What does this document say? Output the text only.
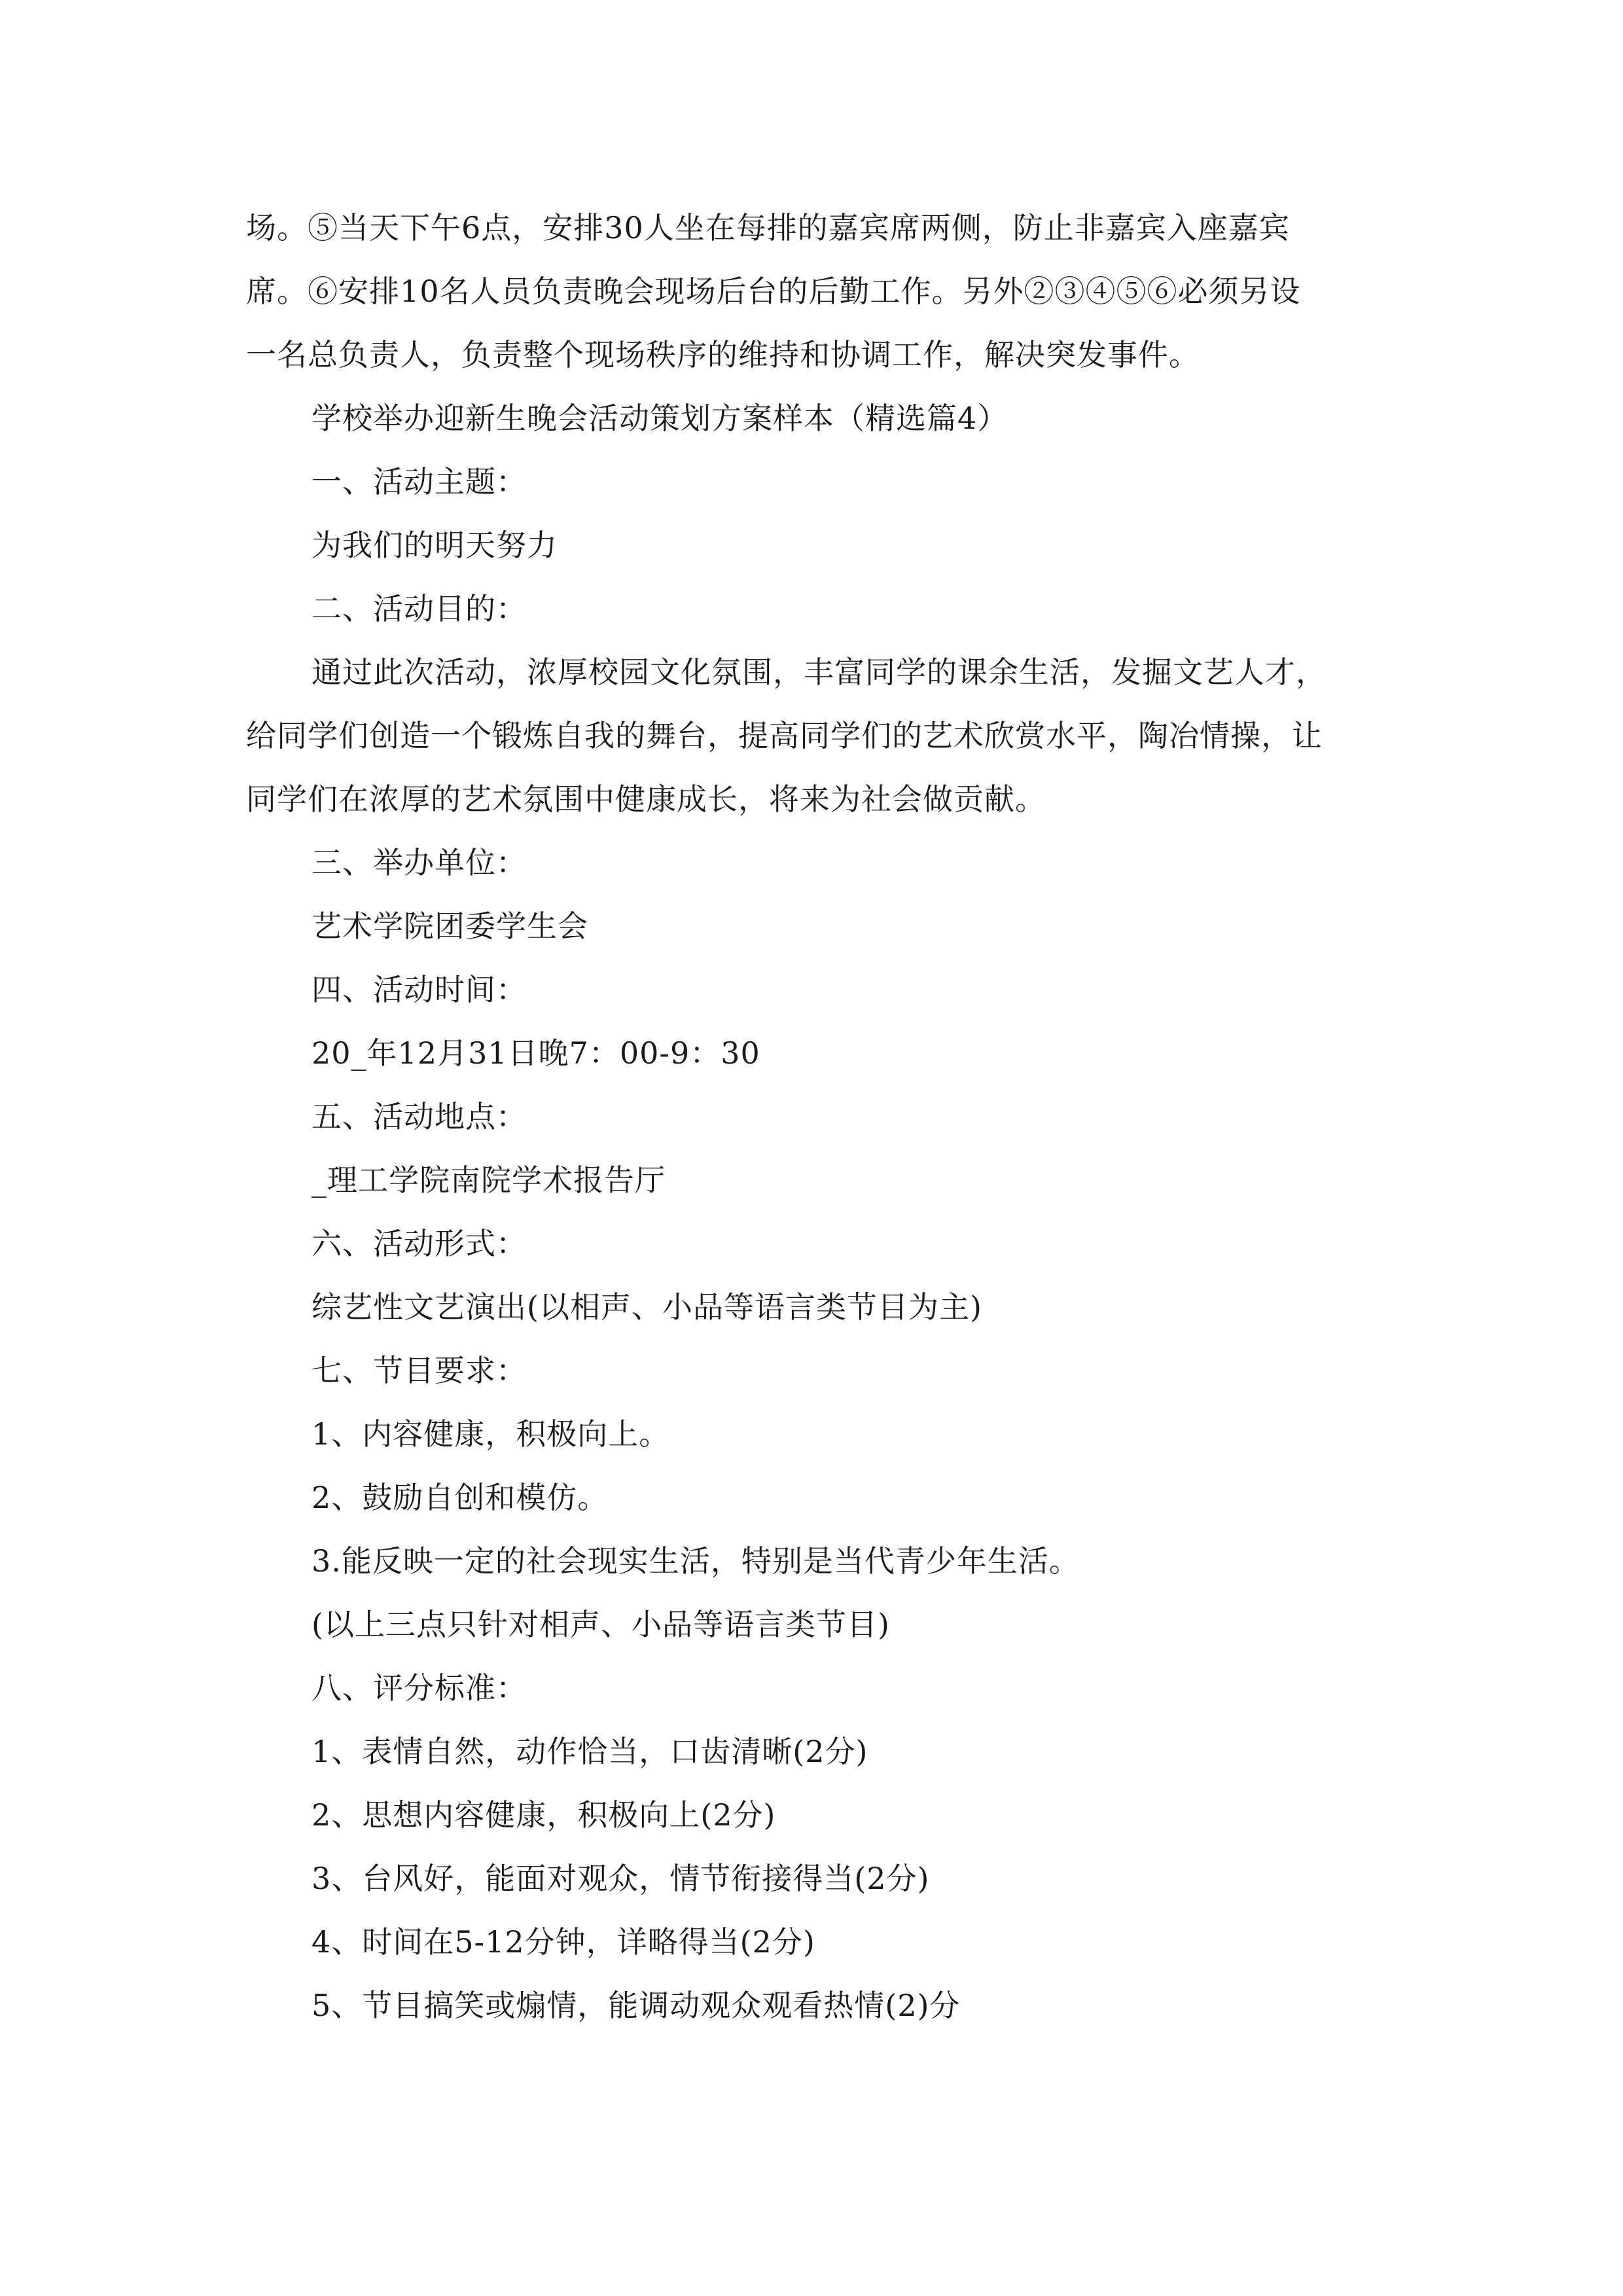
场。⑤当天下午6点，安排30人坐在每排的嘉宾席两侧，防止非嘉宾入座嘉宾
席。⑥安排10名人员负责晚会现场后台的后勤工作。另外②③④⑤⑥必须另设
一名总负责人，负责整个现场秩序的维持和协调工作，解决突发事件。
学校举办迎新生晚会活动策划方案样本（精选篇4）
一、活动主题：
为我们的明天努力
二、活动目的：
通过此次活动，浓厚校园文化氛围，丰富同学的课余生活，发掘文艺人才，
给同学们创造一个锻炼自我的舞台，提高同学们的艺术欣赏水平，陶冶情操，让
同学们在浓厚的艺术氛围中健康成长，将来为社会做贡献。
三、举办单位：
艺术学院团委学生会
四、活动时间：
20_年12月31日晚7：00-9：30
五、活动地点：
_理工学院南院学术报告厅
六、活动形式：
综艺性文艺演出(以相声、小品等语言类节目为主)
七、节目要求：
1、内容健康，积极向上。
2、鼓励自创和模仿。
3.能反映一定的社会现实生活，特别是当代青少年生活。
(以上三点只针对相声、小品等语言类节目)
八、评分标准：
1、表情自然，动作恰当，口齿清晰(2分)
2、思想内容健康，积极向上(2分)
3、台风好，能面对观众，情节衔接得当(2分)
4、时间在5-12分钟，详略得当(2分)
5、节目搞笑或煽情，能调动观众观看热情(2)分
